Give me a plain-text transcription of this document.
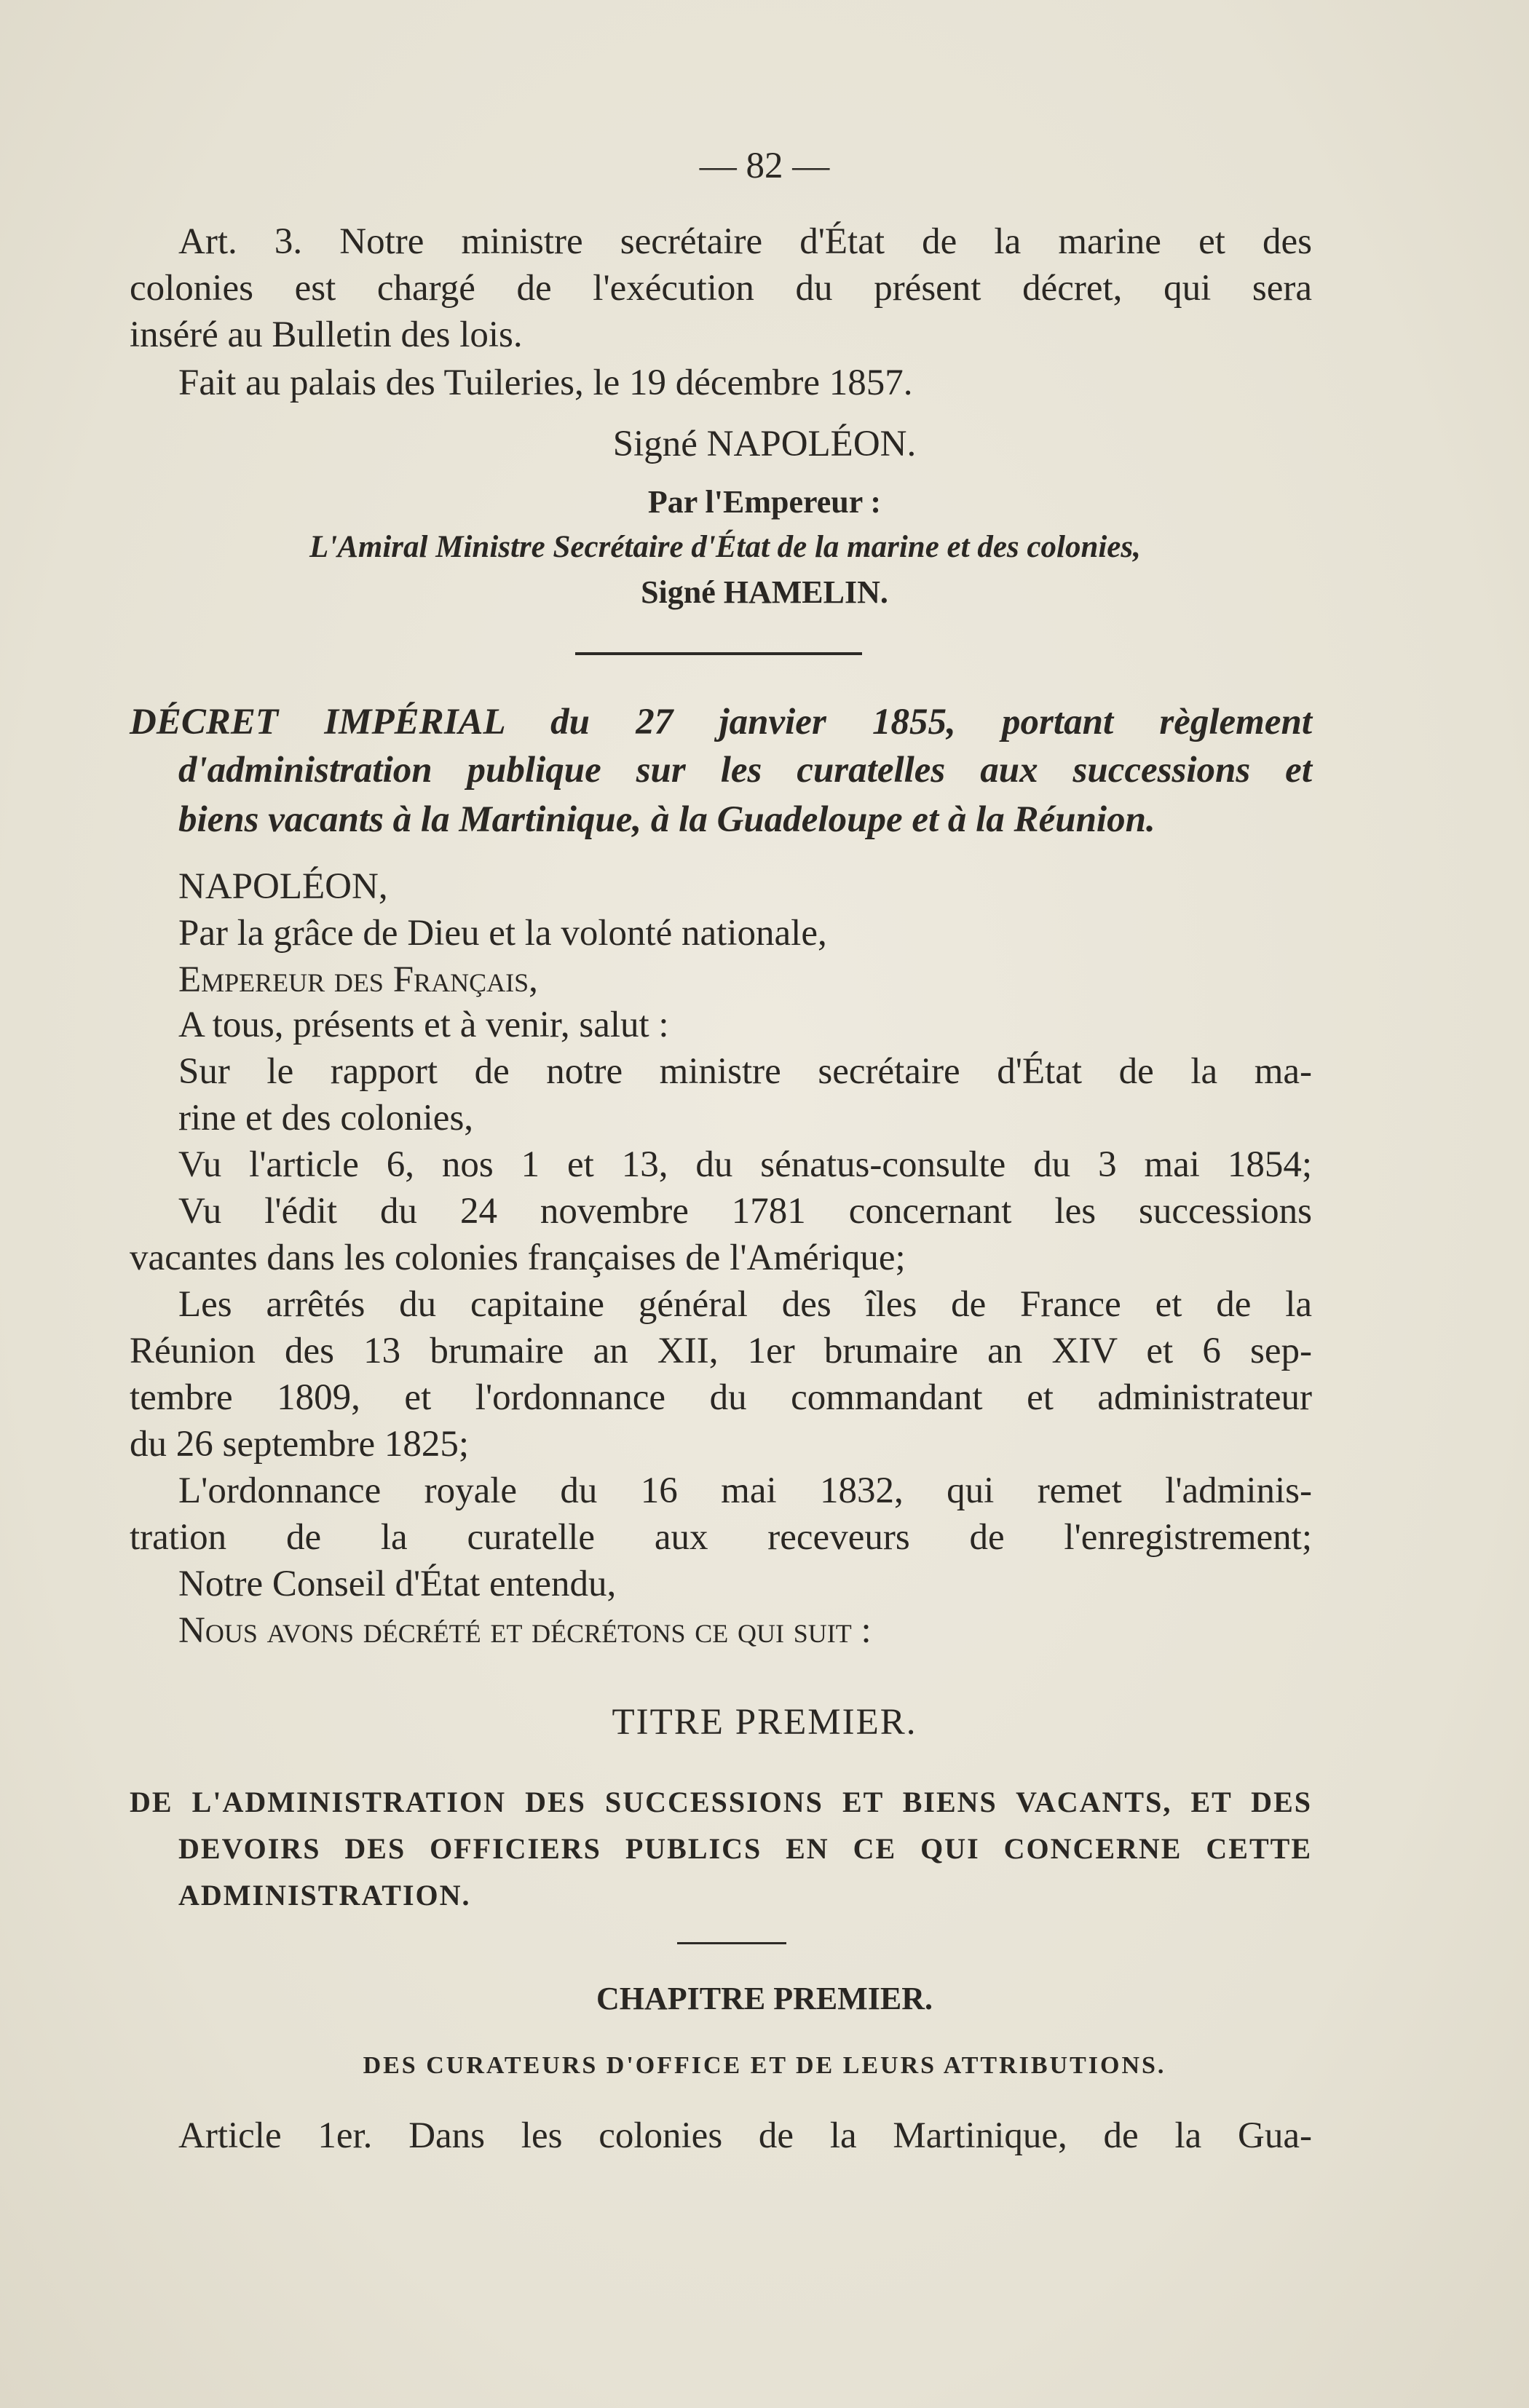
— 82 —
Art. 3. Notre ministre secrétaire d'État de la marine et des
colonies est chargé de l'exécution du présent décret, qui sera
inséré au Bulletin des lois.
Fait au palais des Tuileries, le 19 décembre 1857.
Signé NAPOLÉON.
Par l'Empereur :
L'Amiral Ministre Secrétaire d'État de la marine et des colonies,
Signé HAMELIN.
DÉCRET IMPÉRIAL du 27 janvier 1855, portant règlement
d'administration publique sur les curatelles aux successions et
biens vacants à la Martinique, à la Guadeloupe et à la Réunion.
NAPOLÉON,
Par la grâce de Dieu et la volonté nationale,
Empereur des Français,
A tous, présents et à venir, salut :
Sur le rapport de notre ministre secrétaire d'État de la ma-
rine et des colonies,
Vu l'article 6, nos 1 et 13, du sénatus-consulte du 3 mai 1854;
Vu l'édit du 24 novembre 1781 concernant les successions
vacantes dans les colonies françaises de l'Amérique;
Les arrêtés du capitaine général des îles de France et de la
Réunion des 13 brumaire an XII, 1er brumaire an XIV et 6 sep-
tembre 1809, et l'ordonnance du commandant et administrateur
du 26 septembre 1825;
L'ordonnance royale du 16 mai 1832, qui remet l'adminis-
tration de la curatelle aux receveurs de l'enregistrement;
Notre Conseil d'État entendu,
Nous avons décrété et décrétons ce qui suit :
TITRE PREMIER.
DE L'ADMINISTRATION DES SUCCESSIONS ET BIENS VACANTS, ET DES
DEVOIRS DES OFFICIERS PUBLICS EN CE QUI CONCERNE CETTE
ADMINISTRATION.
CHAPITRE PREMIER.
DES CURATEURS D'OFFICE ET DE LEURS ATTRIBUTIONS.
Article 1er. Dans les colonies de la Martinique, de la Gua-
